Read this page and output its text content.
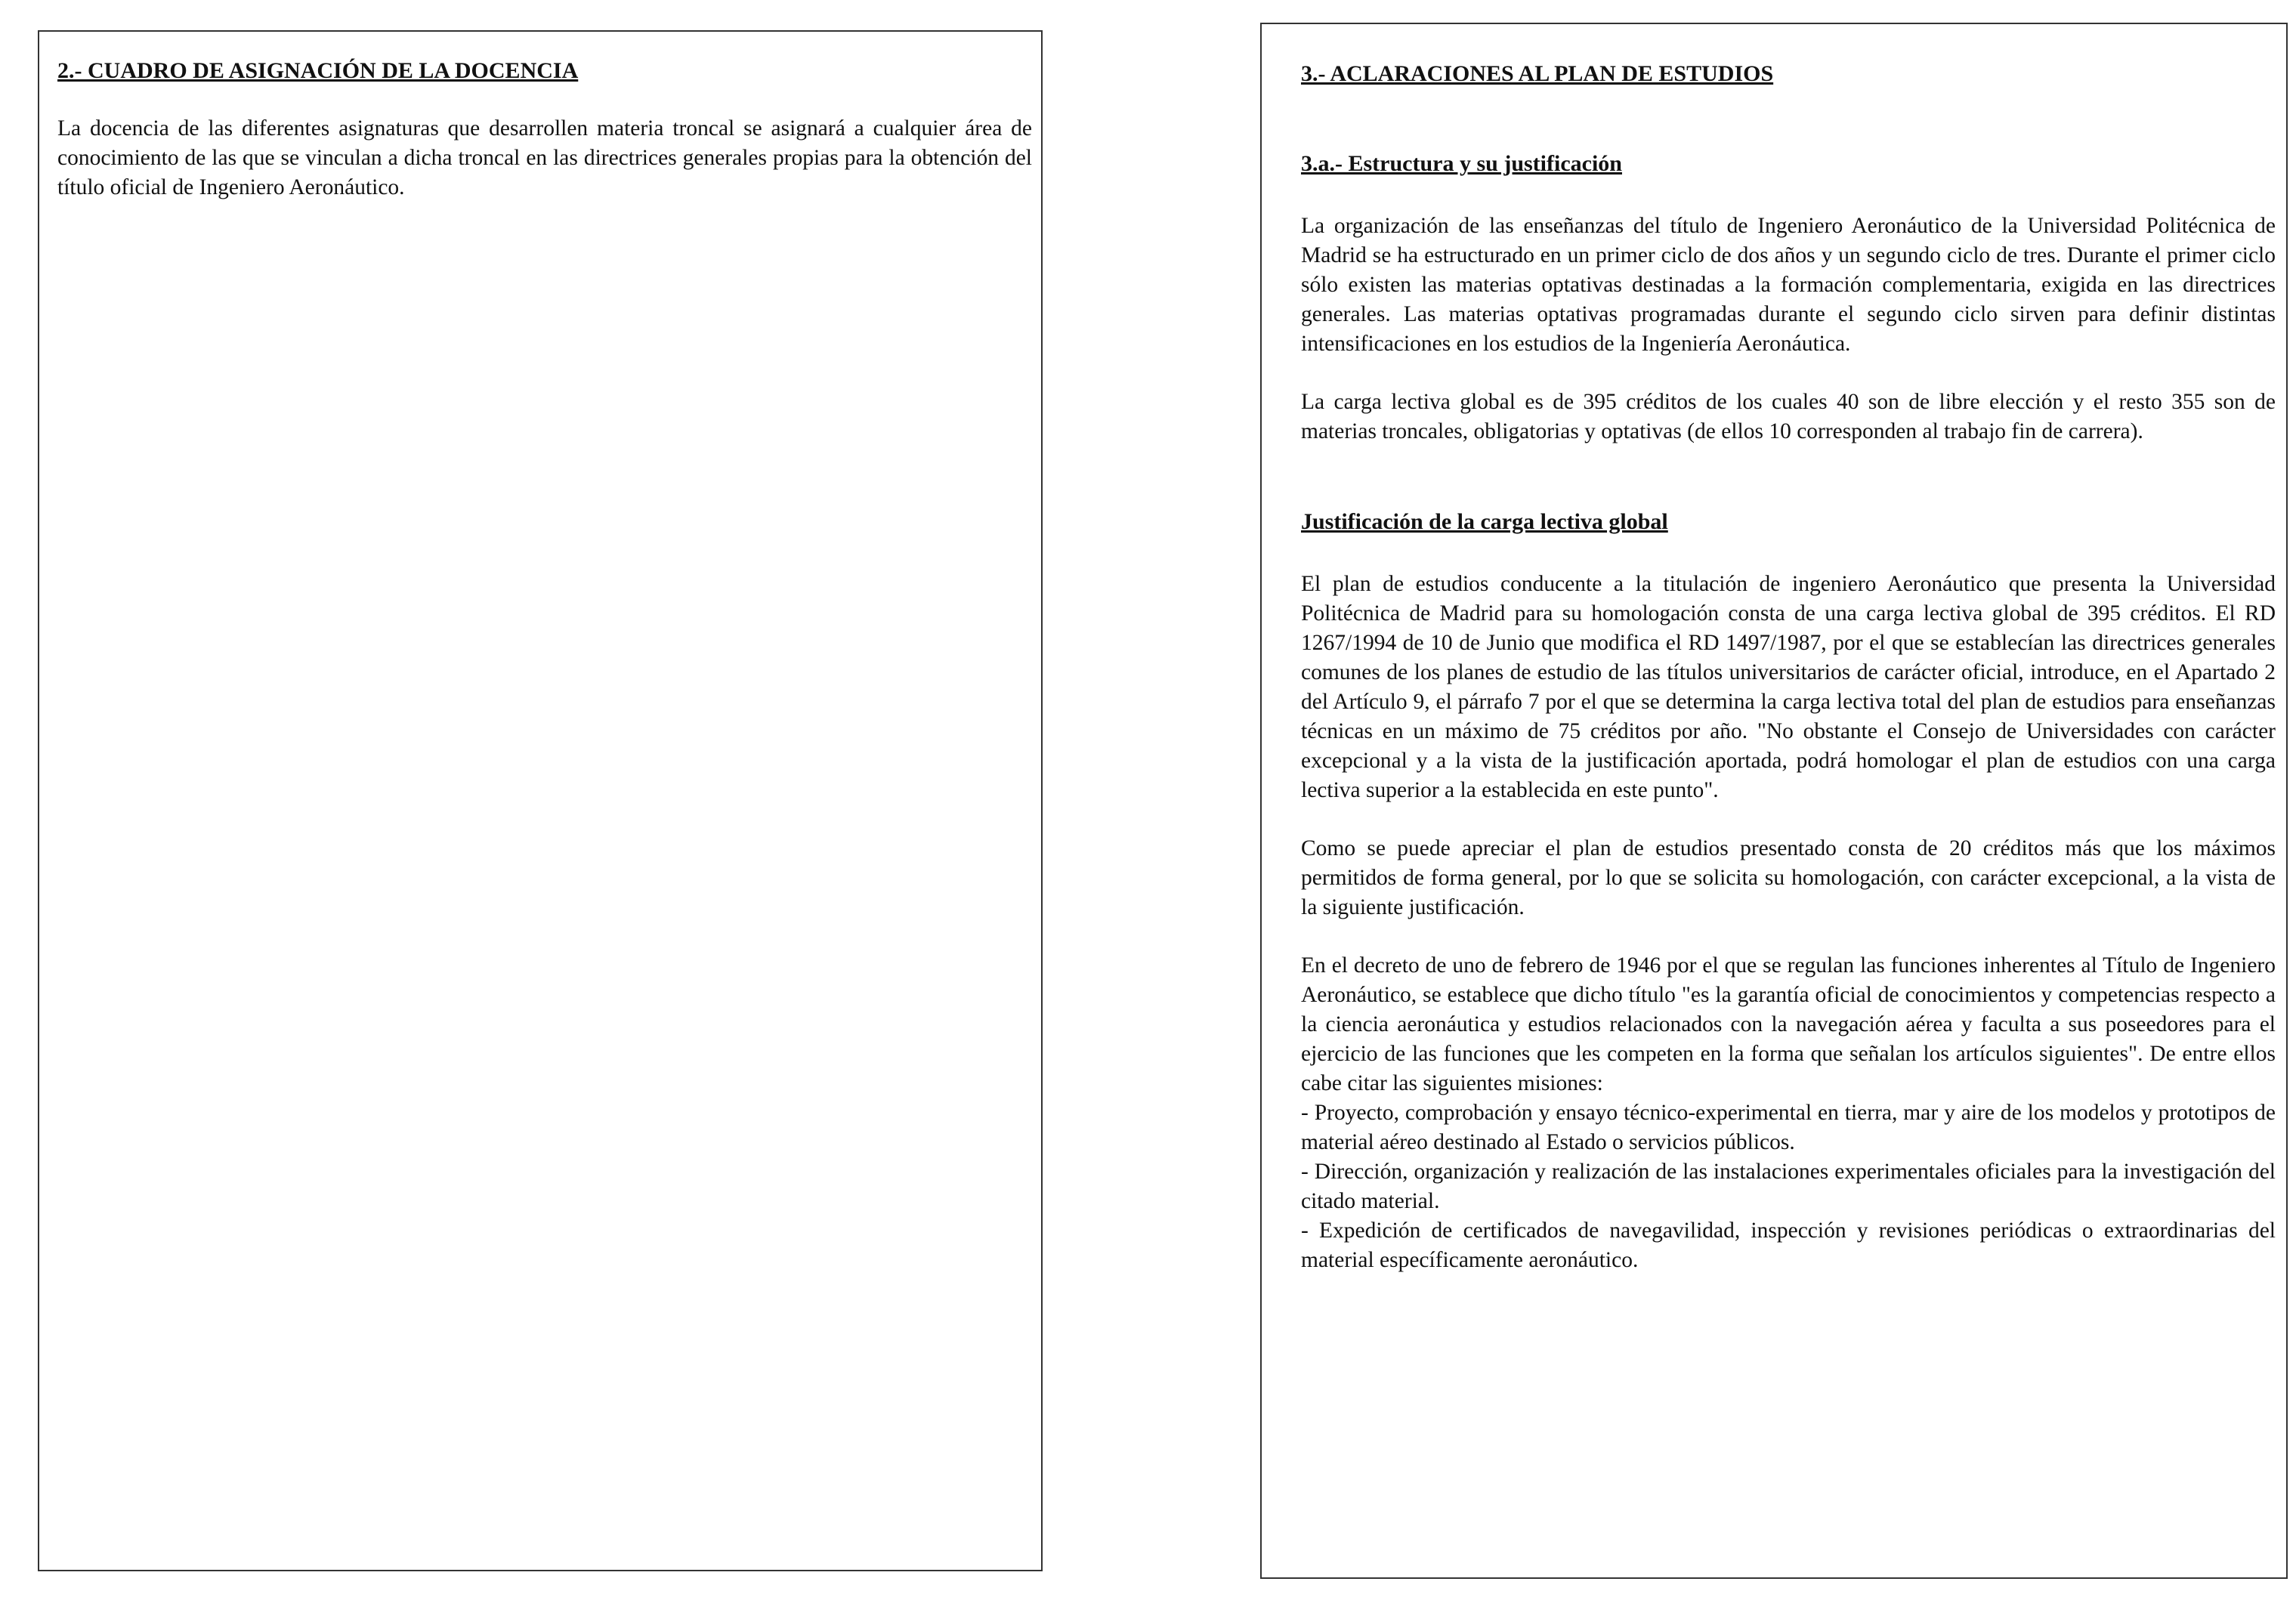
2.- CUADRO DE ASIGNACIÓN DE LA DOCENCIA

La docencia de las diferentes asignaturas que desarrollen materia troncal se asignará a cualquier área de conocimiento de las que se vinculan a dicha troncal en las directrices generales propias para la obtención del título oficial de Ingeniero Aeronáutico.

3.- ACLARACIONES AL PLAN DE ESTUDIOS
3.a.- Estructura y su justificación

La organización de las enseñanzas del título de Ingeniero Aeronáutico de la Universidad Politécnica de Madrid se ha estructurado en un primer ciclo de dos años y un segundo ciclo de tres. Durante el primer ciclo sólo existen las materias optativas destinadas a la formación complementaria, exigida en las directrices generales. Las materias optativas programadas durante el segundo ciclo sirven para definir distintas intensificaciones en los estudios de la Ingeniería Aeronáutica.

La carga lectiva global es de 395 créditos de los cuales 40 son de libre elección y el resto 355 son de materias troncales, obligatorias y optativas (de ellos 10 corresponden al trabajo fin de carrera).

Justificación de la carga lectiva global

El plan de estudios conducente a la titulación de ingeniero Aeronáutico que presenta la Universidad Politécnica de Madrid para su homologación consta de una carga lectiva global de 395 créditos. El RD 1267/1994 de 10 de Junio que modifica el RD 1497/1987, por el que se establecían las directrices generales comunes de los planes de estudio de las títulos universitarios de carácter oficial, introduce, en el Apartado 2 del Artículo 9, el párrafo 7 por el que se determina la carga lectiva total del plan de estudios para enseñanzas técnicas en un máximo de 75 créditos por año. "No obstante el Consejo de Universidades con carácter excepcional y a la vista de la justificación aportada, podrá homologar el plan de estudios con una carga lectiva superior a la establecida en este punto".

Como se puede apreciar el plan de estudios presentado consta de 20 créditos más que los máximos permitidos de forma general, por lo que se solicita su homologación, con carácter excepcional, a la vista de la siguiente justificación.

En el decreto de uno de febrero de 1946 por el que se regulan las funciones inherentes al Título de Ingeniero Aeronáutico, se establece que dicho título "es la garantía oficial de conocimientos y competencias respecto a la ciencia aeronáutica y estudios relacionados con la navegación aérea y faculta a sus poseedores para el ejercicio de las funciones que les competen en la forma que señalan los artículos siguientes". De entre ellos cabe citar las siguientes misiones:

- Proyecto, comprobación y ensayo técnico-experimental en tierra, mar y aire de los modelos y prototipos de material aéreo destinado al Estado o servicios públicos.

- Dirección, organización y realización de las instalaciones experimentales oficiales para la investigación del citado material.

- Expedición de certificados de navegavilidad, inspección y revisiones periódicas o extraordinarias del material específicamente aeronáutico.
